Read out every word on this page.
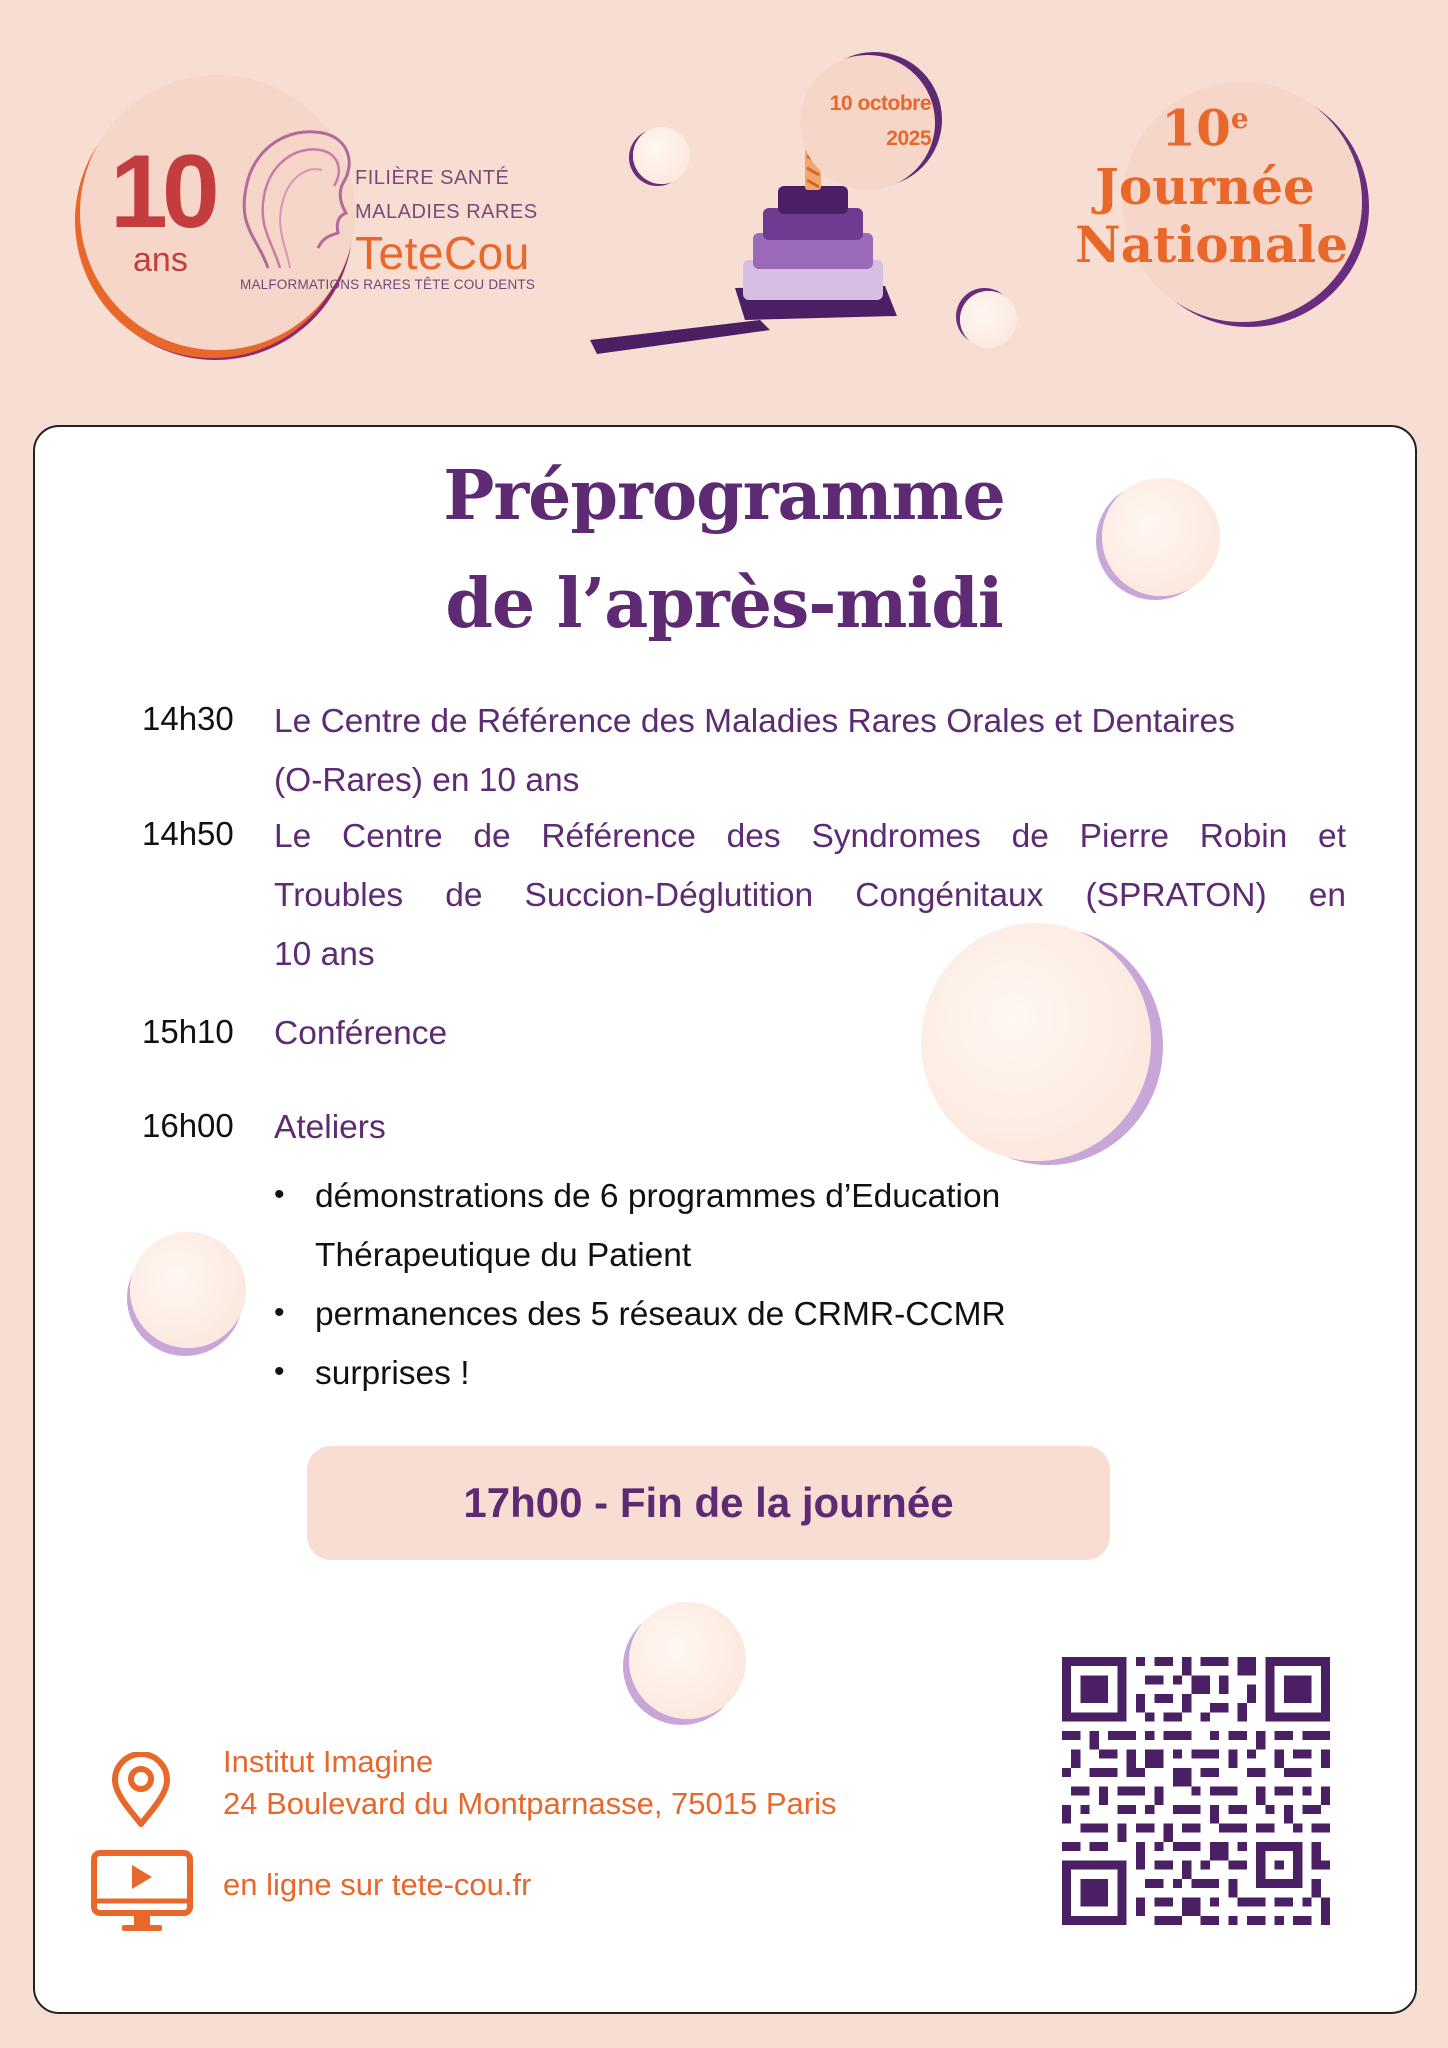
10
ans
FILIÈRE SANTÉ
MALADIES RARES
TeteCou
MALFORMATIONS RARES TÊTE COU DENTS
10 octobre
2025	10e
Journée
Nationale
Préprogramme
de l’après-midi
14h30 Le Centre de Référence des Maladies Rares Orales et Dentaires
(O-Rares) en 10 ans
14h50 Le Centre de Référence des Syndromes de Pierre Robin et
Troubles de Succion-Déglutition Congénitaux (SPRATON) en
10 ans
15h10 Conférence
16h00 Ateliers
• démonstrations de 6 programmes d’Education
Thérapeutique du Patient
• permanences des 5 réseaux de CRMR-CCMR
• surprises !
17h00 - Fin de la journée
Institut Imagine
24 Boulevard du Montparnasse, 75015 Paris
en ligne sur tete-cou.fr
